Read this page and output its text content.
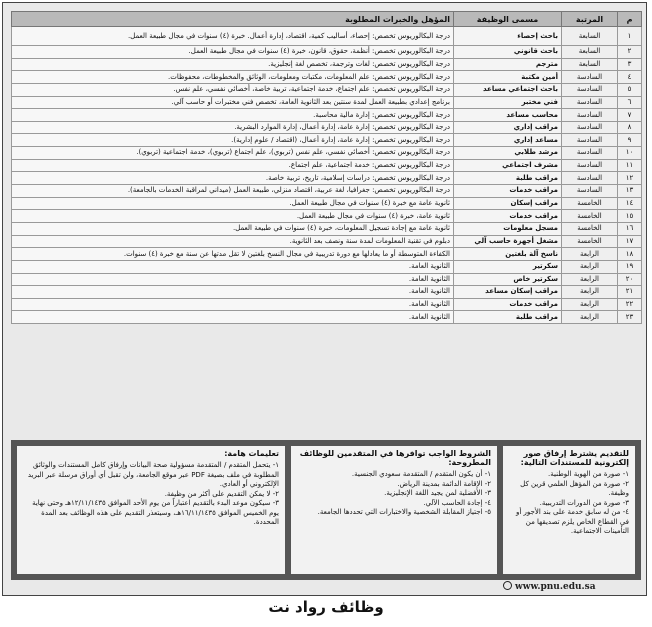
م	المرتبة	مسمى الوظيفة	المؤهل والخبرات المطلوبة
١	السابعة	باحث إحصاء	درجة البكالوريوس تخصص: إحصاء، أساليب كمية، اقتصاد، إدارة أعمال. خبرة (٤) سنوات في مجال طبيعة العمل.
٢	السابعة	باحث قانوني	درجة البكالوريوس تخصص: أنظمة، حقوق، قانون، خبرة (٤) سنوات في مجال طبيعة العمل.
٣	السابعة	مترجم	درجة البكالوريوس تخصص: لغات وترجمة، تخصص لغة إنجليزية.
٤	السادسة	أمين مكتبة	درجة البكالوريوس تخصص: علم المعلومات، مكتبات ومعلومات، الوثائق والمخطوطات، محفوظات.
٥	السادسة	باحث اجتماعي مساعد	درجة البكالوريوس تخصص: علم اجتماع، خدمة اجتماعية، تربية خاصة، أخصائي نفسي، علم نفس.
٦	السادسة	فني مختبر	برنامج إعدادي بطبيعة العمل لمدة سنتين بعد الثانوية العامة، تخصص فني مختبرات أو حاسب آلي.
٧	السادسة	محاسب مساعد	درجة البكالوريوس تخصص: إدارة مالية محاسبة.
٨	السادسة	مراقب إداري	درجة البكالوريوس تخصص: إدارة عامة، إدارة أعمال، إدارة الموارد البشرية.
٩	السادسة	مساعد إداري	درجة البكالوريوس تخصص: إدارة عامة، إدارة أعمال، (اقتصاد / علوم إدارية).
١٠	السادسة	مرشد طلابي	درجة البكالوريوس تخصص: أخصائي نفسي، علم نفس (تربوي)، علم اجتماع (تربوي)، خدمة اجتماعية (تربوي).
١١	السادسة	مشرف اجتماعي	درجة البكالوريوس تخصص: خدمة اجتماعية، علم اجتماع.
١٢	السادسة	مراقب طلبة	درجة البكالوريوس تخصص: دراسات إسلامية، تاريخ، تربية خاصة.
١٣	السادسة	مراقب خدمات	درجة البكالوريوس تخصص: جغرافيا، لغة عربية، اقتصاد منزلي، طبيعة العمل (ميداني لمراقبة الخدمات بالجامعة).
١٤	الخامسة	مراقب إسكان	ثانوية عامة مع خبرة (٤) سنوات في مجال طبيعة العمل.
١٥	الخامسة	مراقب خدمات	ثانوية عامة، خبرة (٤) سنوات في مجال طبيعة العمل.
١٦	الخامسة	مسجل معلومات	ثانوية عامة مع إجادة تسجيل المعلومات، خبرة (٤) سنوات في طبيعة العمل.
١٧	الخامسة	مشغل أجهزة حاسب آلي	دبلوم في تقنية المعلومات لمدة سنة ونصف بعد الثانوية.
١٨	الرابعة	ناسخ آلة بلغتين	الكفاءة المتوسطة أو ما يعادلها مع دورة تدريبية في مجال النسخ بلغتين لا تقل مدتها عن سنة مع خبرة (٤) سنوات.
١٩	الرابعة	سكرتير	الثانوية العامة.
٢٠	الرابعة	سكرتير خاص	الثانوية العامة.
٢١	الرابعة	مراقب إسكان مساعد	الثانوية العامة.
٢٢	الرابعة	مراقب خدمات	الثانوية العامة.
٢٣	الرابعة	مراقب طلبة	الثانوية العامة.
للتقديم يشترط إرفاق صور إلكترونية للمستندات التالية:

١- صورة من الهوية الوطنية.

٢- صورة من المؤهل العلمي قرين كل وظيفة.

٣- صورة من الدورات التدريبية.

٤- من له سابق خدمة على بند الأجور أو في القطاع الخاص يلزم تصديقها من التأمينات الاجتماعية.

الشروط الواجب توافرها في المتقدمين للوظائف المطروحة:

١- أن يكون المتقدم / المتقدمة سعودي الجنسية.

٢- الإقامة الدائمة بمدينة الرياض.

٣- الأفضلية لمن يجيد اللغة الإنجليزية.

٤- إجادة الحاسب الآلي.

٥- اجتياز المقابلة الشخصية والاختبارات التي تحددها الجامعة.

تعليمات هامة:

١- يتحمل المتقدم / المتقدمة مسؤولية صحة البيانات وإرفاق كامل المستندات والوثائق المطلوبة في ملف بصيغة PDF عبر موقع الجامعة، ولن تقبل أي أوراق مرسلة عبر البريد الإلكتروني أو العادي.

٢- لا يمكن التقديم على أكثر من وظيفة.

٣- سيكون موعد البدء بالتقديم اعتباراً من يوم الأحد الموافق ١٢/١١/١٤٣٥هـ وحتى نهاية يوم الخميس الموافق ١٦/١١/١٤٣٥هـ، وسيتعذر التقديم على هذه الوظائف بعد المدة المحددة.

www.pnu.edu.sa
وظائف رواد نت
